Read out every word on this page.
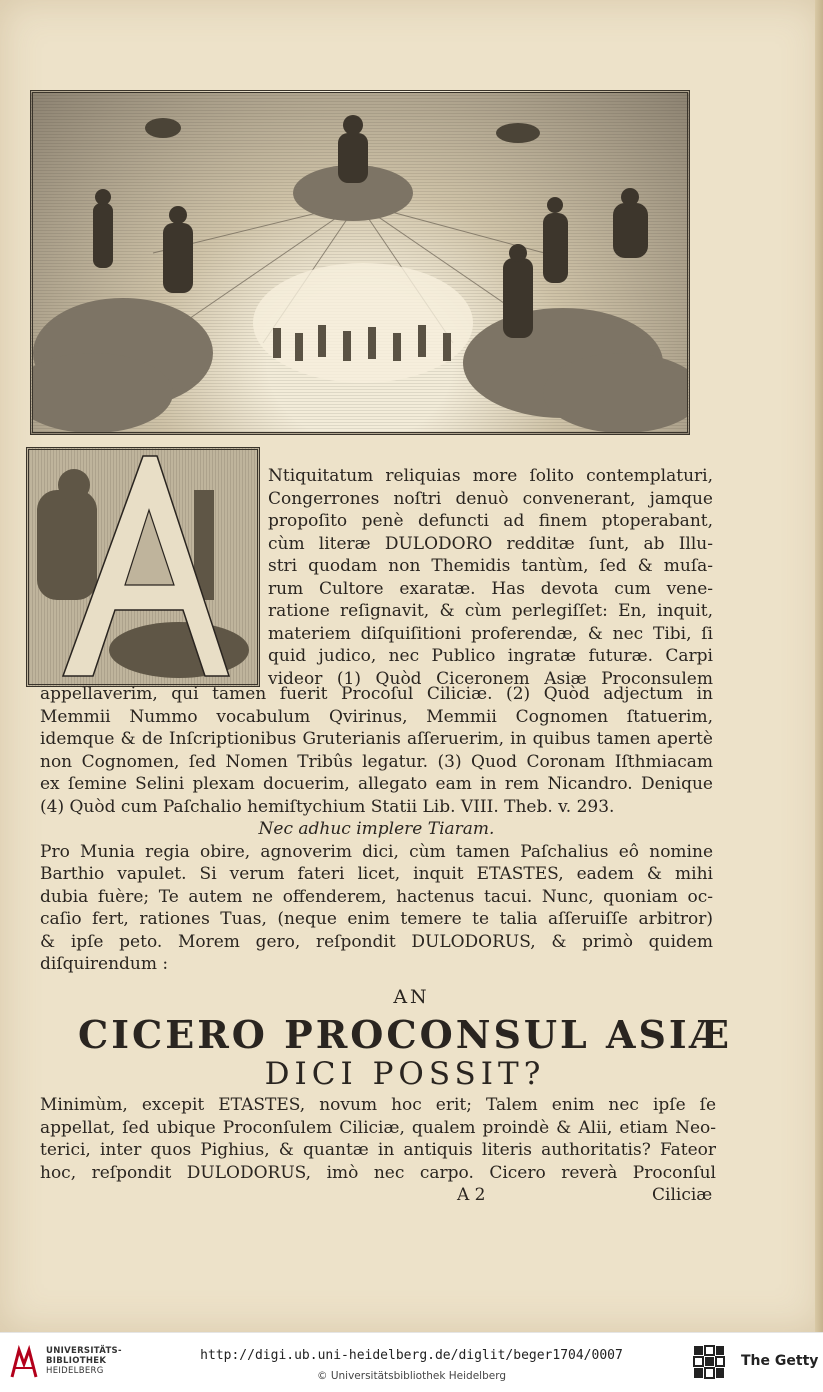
Ntiquitatum reliquias more ſolito contemplaturi,
Congerrones noſtri denuò convenerant, jamque
propoſito penè defuncti ad finem ptoperabant,
cùm literæ DULODORO redditæ ſunt, ab Illu-
stri quodam non Themidis tantùm, ſed & muſa-
rum Cultore exaratæ. Has devota cum vene-
ratione reſignavit, & cùm perlegiſſet: En, inquit,
materiem diſquiſitioni proferendæ, & nec Tibi, ſi
quid judico, nec Publico ingratæ futuræ. Carpi
videor (1) Quòd Ciceronem Asiæ Proconsulem
appellaverim, qui tamen fuerit Procoſul Ciliciæ. (2) Quòd adjectum in
Memmii Nummo vocabulum Qvirinus, Memmii Cognomen ſtatuerim,
idemque & de Inſcriptionibus Gruterianis aſſeruerim, in quibus tamen apertè
non Cognomen, ſed Nomen Tribûs legatur. (3) Quod Coronam Iſthmiacam
ex ſemine Selini plexam docuerim, allegato eam in rem Nicandro. Denique
(4) Quòd cum Paſchalio hemiſtychium Statii Lib. VIII. Theb. v. 293.
Nec adhuc implere Tiaram.
Pro Munia regia obire, agnoverim dici, cùm tamen Paſchalius eô nomine
Barthio vapulet. Si verum fateri licet, inquit ETASTES, eadem & mihi
dubia fuère; Te autem ne offenderem, hactenus tacui. Nunc, quoniam oc-
caſio fert, rationes Tuas, (neque enim temere te talia aſſeruiſſe arbitror)
& ipſe peto. Morem gero, reſpondit DULODORUS, & primò quidem
diſquirendum :
AN
CICERO PROCONSUL ASIÆ
DICI POSSIT?
Minimùm, excepit ETASTES, novum hoc erit; Talem enim nec ipſe ſe
appellat, ſed ubique Proconſulem Ciliciæ, qualem proindè & Alii, etiam Neo-
terici, inter quos Pighius, & quantæ in antiquis literis authoritatis? Fateor
hoc, reſpondit DULODORUS, imò nec carpo. Cicero reverà Proconſul
A 2	Ciliciæ
UNIVERSITÄTS-
BIBLIOTHEK
HEIDELBERG
http://digi.ub.uni-heidelberg.de/diglit/beger1704/0007
© Universitätsbibliothek Heidelberg
The Getty
